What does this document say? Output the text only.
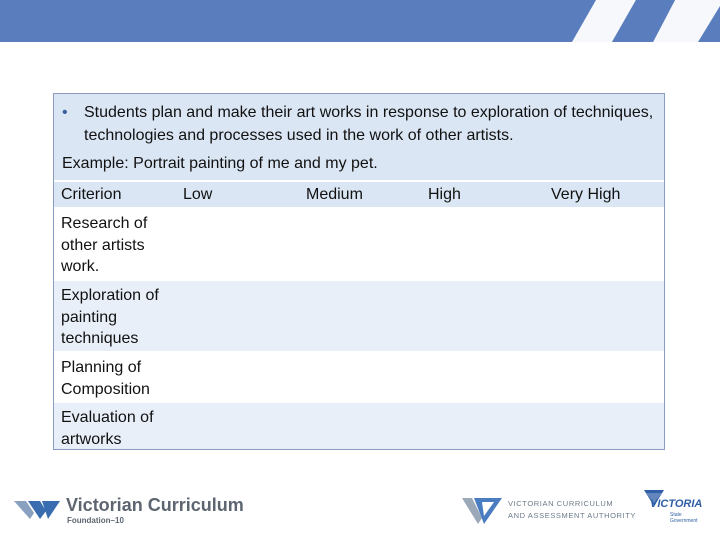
•	Students plan and make their art works in response to exploration of techniques, technologies and processes used in the work of other artists.
Example: Portrait painting of me and my pet.
Criterion	Low	Medium	High	Very High
Research of other artists work.
Exploration of painting techniques
Planning of Composition
Evaluation of artworks
Victorian Curriculum
Foundation–10
VICTORIAN CURRICULUM
AND ASSESSMENT AUTHORITY
VICTORIA
State Government
